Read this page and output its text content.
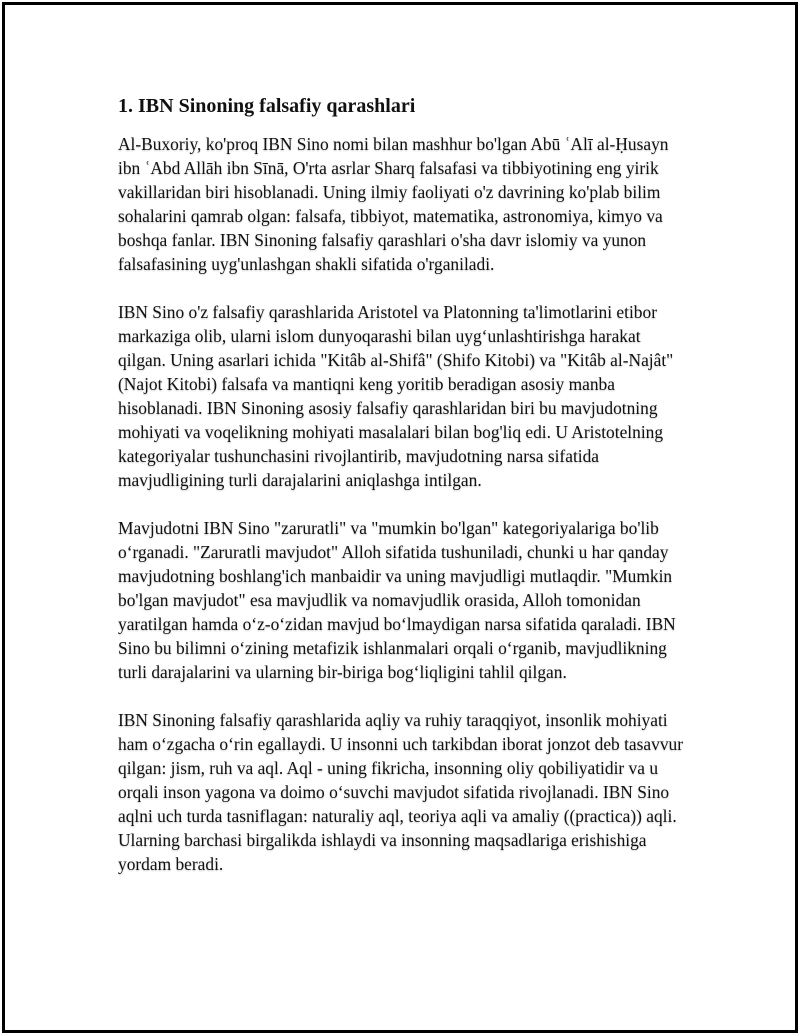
1. IBN Sinoning falsafiy qarashlari

Al-Buxoriy, ko'proq IBN Sino nomi bilan mashhur bo'lgan Abū ʿAlī al-Ḥusayn ibn ʿAbd Allāh ibn Sīnā, O'rta asrlar Sharq falsafasi va tibbiyotining eng yirik vakillaridan biri hisoblanadi. Uning ilmiy faoliyati o'z davrining ko'plab bilim sohalarini qamrab olgan: falsafa, tibbiyot, matematika, astronomiya, kimyo va boshqa fanlar. IBN Sinoning falsafiy qarashlari o'sha davr islomiy va yunon falsafasining uyg'unlashgan shakli sifatida o'rganiladi.

IBN Sino o'z falsafiy qarashlarida Aristotel va Platonning ta'limotlarini etibor markaziga olib, ularni islom dunyoqarashi bilan uyg‘unlashtirishga harakat qilgan. Uning asarlari ichida "Kitâb al-Shifâ" (Shifo Kitobi) va "Kitâb al-Najât" (Najot Kitobi) falsafa va mantiqni keng yoritib beradigan asosiy manba hisoblanadi. IBN Sinoning asosiy falsafiy qarashlaridan biri bu mavjudotning mohiyati va voqelikning mohiyati masalalari bilan bog'liq edi. U Aristotelning kategoriyalar tushunchasini rivojlantirib, mavjudotning narsa sifatida mavjudligining turli darajalarini aniqlashga intilgan.

Mavjudotni IBN Sino "zaruratli" va "mumkin bo'lgan" kategoriyalariga bo'lib o‘rganadi. "Zaruratli mavjudot" Alloh sifatida tushuniladi, chunki u har qanday mavjudotning boshlang'ich manbaidir va uning mavjudligi mutlaqdir. "Mumkin bo'lgan mavjudot" esa mavjudlik va nomavjudlik orasida, Alloh tomonidan yaratilgan hamda o‘z-o‘zidan mavjud bo‘lmaydigan narsa sifatida qaraladi. IBN Sino bu bilimni o‘zining metafizik ishlanmalari orqali o‘rganib, mavjudlikning turli darajalarini va ularning bir-biriga bog‘liqligini tahlil qilgan.

IBN Sinoning falsafiy qarashlarida aqliy va ruhiy taraqqiyot, insonlik mohiyati ham o‘zgacha o‘rin egallaydi. U insonni uch tarkibdan iborat jonzot deb tasavvur qilgan: jism, ruh va aql. Aql - uning fikricha, insonning oliy qobiliyatidir va u orqali inson yagona va doimo o‘suvchi mavjudot sifatida rivojlanadi. IBN Sino aqlni uch turda tasniflagan: naturaliy aql, teoriya aqli va amaliy ((practica)) aqli. Ularning barchasi birgalikda ishlaydi va insonning maqsadlariga erishishiga yordam beradi.
